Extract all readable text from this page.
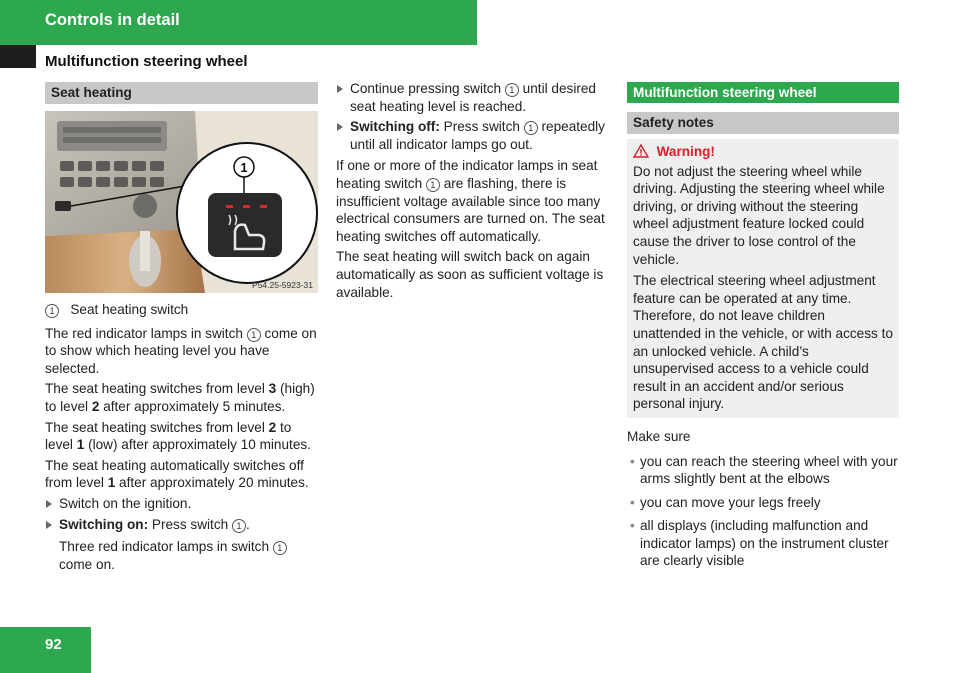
Controls in detail
Multifunction steering wheel
Seat heating
1
P54.25-5923-31
1 Seat heating switch

The red indicator lamps in switch 1 come on to show which heating level you have selected.

The seat heating switches from level 3 (high) to level 2 after approximately 5 minutes.

The seat heating switches from level 2 to level 1 (low) after approximately 10 minutes.

The seat heating automatically switches off from level 1 after approximately 20 minutes.

Switch on the ignition.
Switching on: Press switch 1 .
Three red indicator lamps in switch 1 come on.
Continue pressing switch 1 until desired seat heating level is reached.
Switching off: Press switch 1 repeatedly until all indicator lamps go out.

If one or more of the indicator lamps in seat heating switch 1 are flashing, there is insufficient voltage available since too many electrical consumers are turned on. The seat heating switches off automatically.

The seat heating will switch back on again automatically as soon as sufficient voltage is available.

Multifunction steering wheel
Safety notes
Warning!

Do not adjust the steering wheel while driving. Adjusting the steering wheel while driving, or driving without the steering wheel adjustment feature locked could cause the driver to lose control of the vehicle.

The electrical steering wheel adjustment feature can be operated at any time. Therefore, do not leave children unattended in the vehicle, or with access to an unlocked vehicle. A child’s unsupervised access to a vehicle could result in an accident and/or serious personal injury.

Make sure

• you can reach the steering wheel with your arms slightly bent at the elbows
• you can move your legs freely
• all displays (including malfunction and indicator lamps) on the instrument cluster are clearly visible
92
